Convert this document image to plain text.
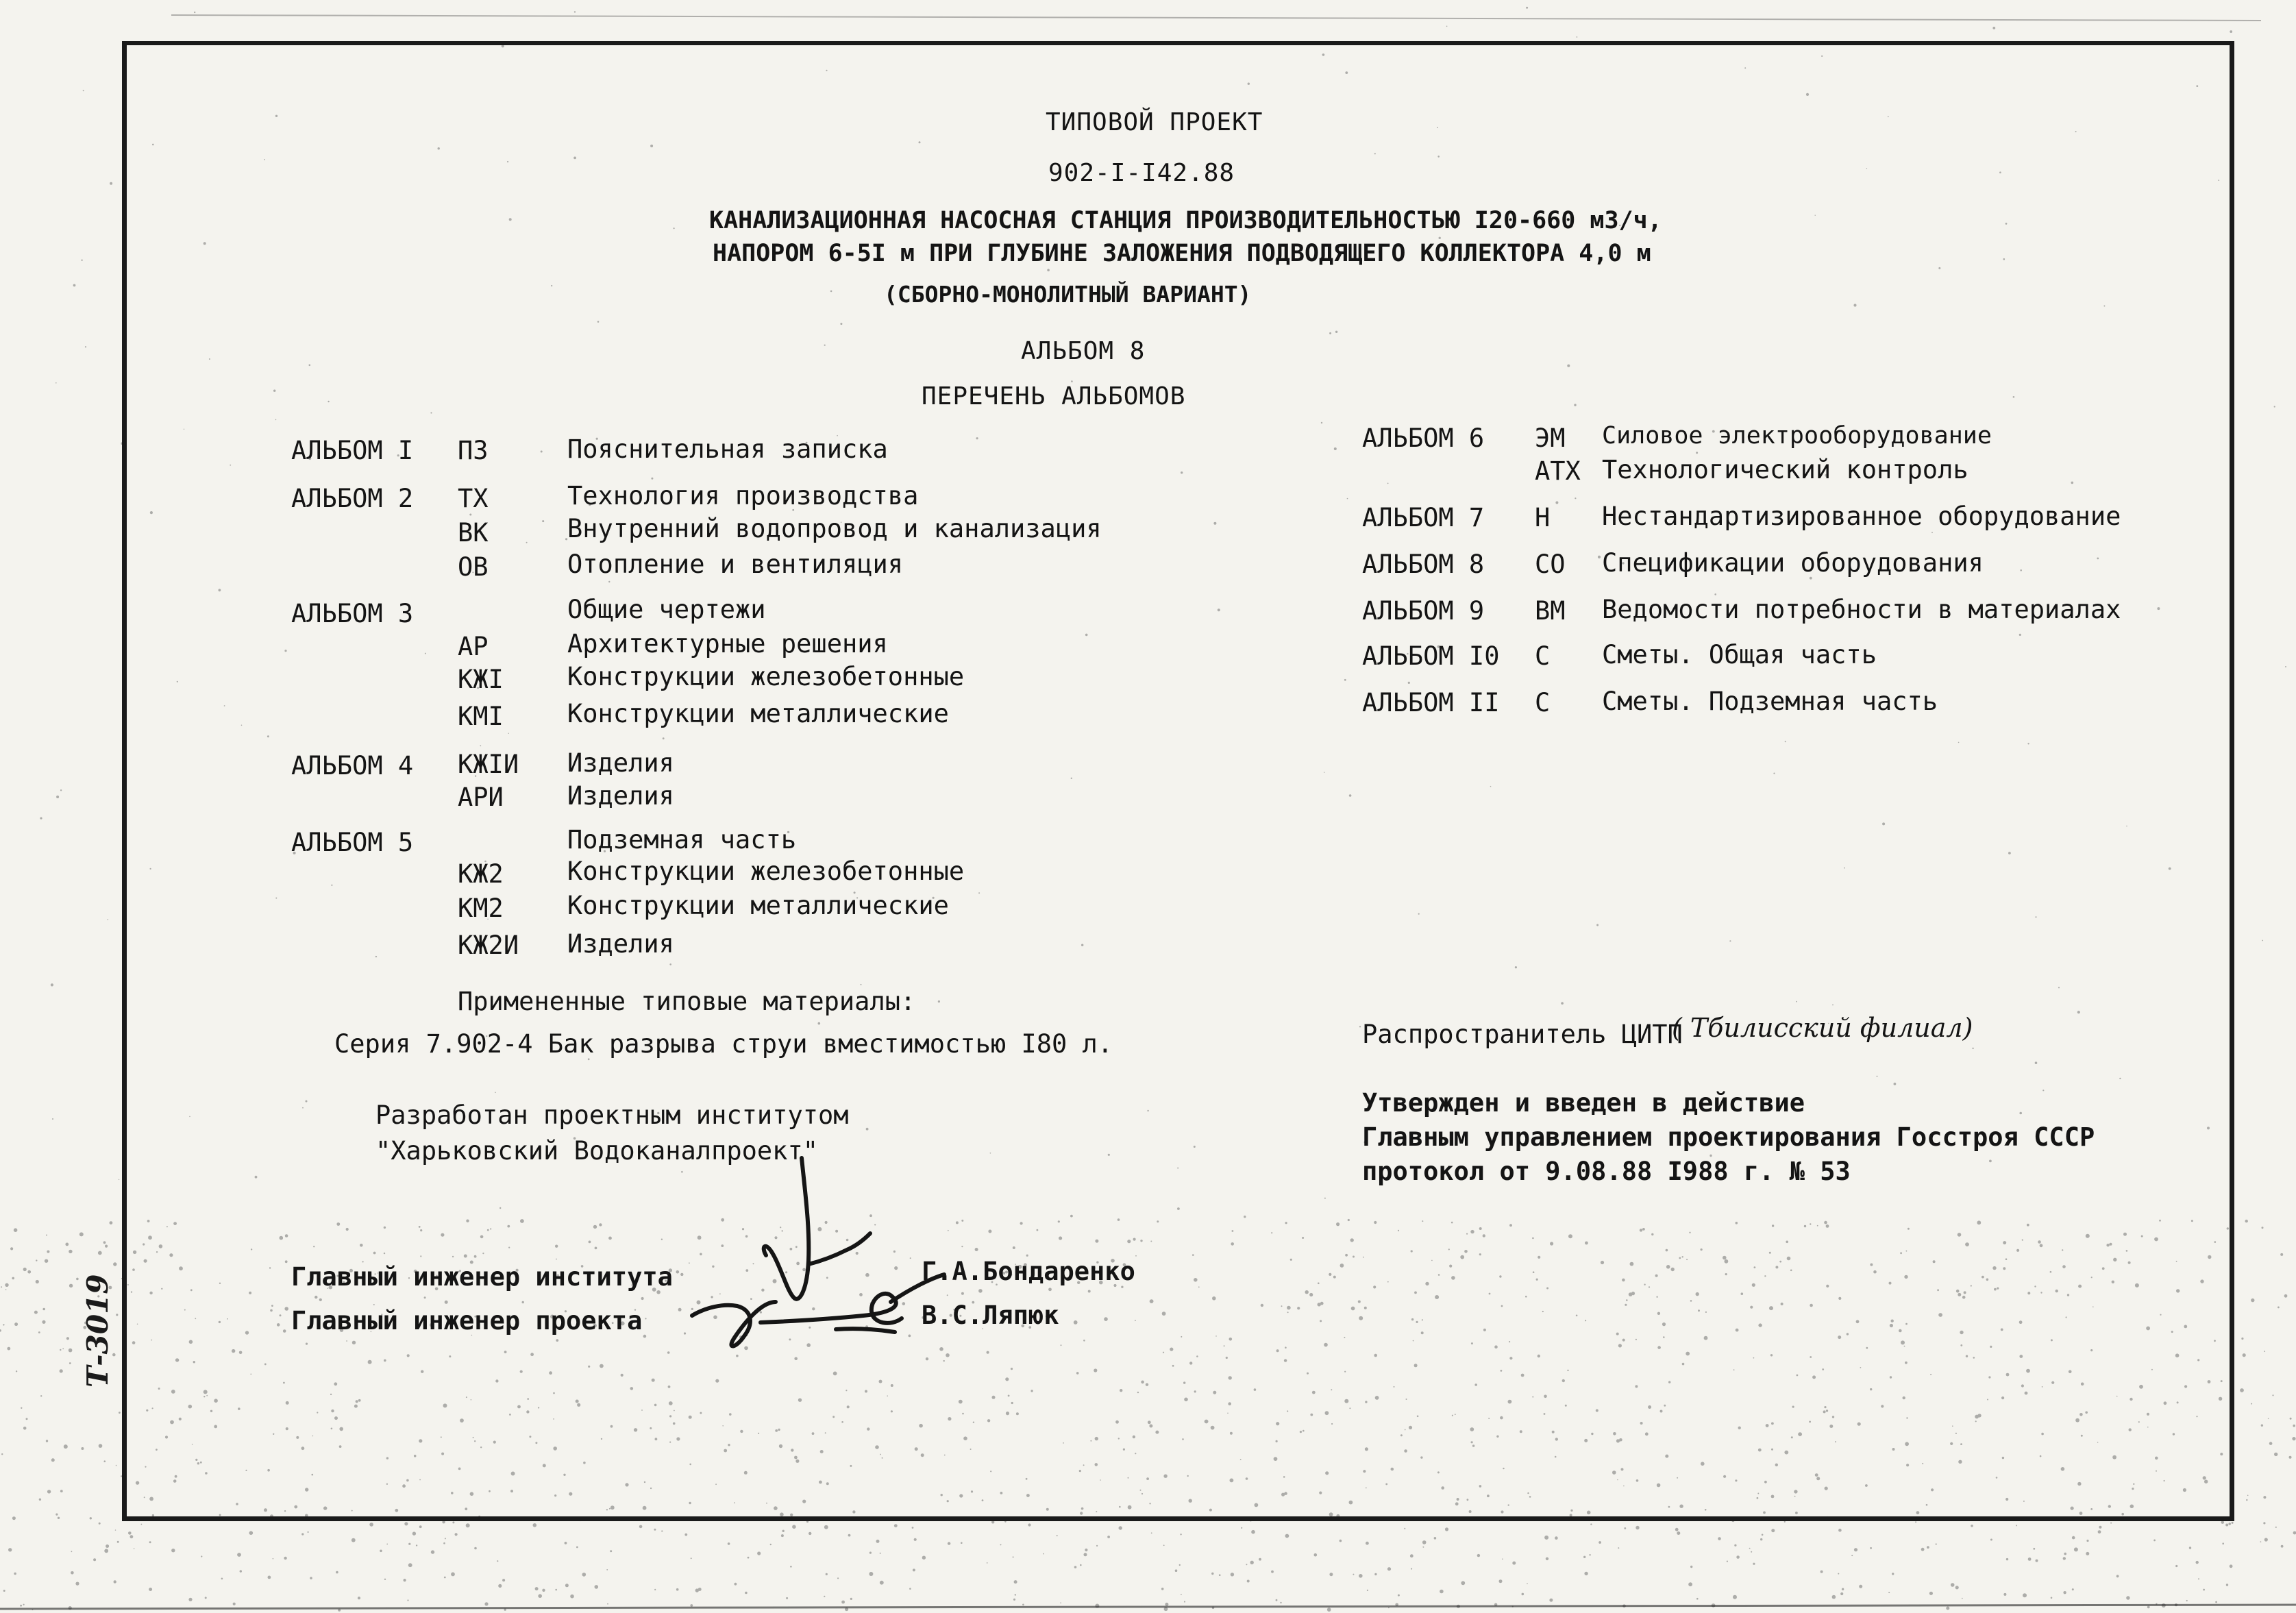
ТИПОВОЙ ПРОЕКТ
902-I-I42.88
КАНАЛИЗАЦИОННАЯ НАСОСНАЯ СТАНЦИЯ ПРОИЗВОДИТЕЛЬНОСТЬЮ I20-660 м3/ч,
НАПОРОМ 6-5I м ПРИ ГЛУБИНЕ ЗАЛОЖЕНИЯ ПОДВОДЯЩЕГО КОЛЛЕКТОРА 4,0 м
(СБОРНО-МОНОЛИТНЫЙ ВАРИАНТ)
АЛЬБОМ 8
ПЕРЕЧЕНЬ АЛЬБОМОВ
АЛЬБОМ I ПЗ	Пояснительная записка
АЛЬБОМ 2 ТХ	Технология производства
ВК	Внутренний водопровод и канализация
ОВ	Отопление и вентиляция
АЛЬБОМ 3	Общие чертежи
АР	Архитектурные решения
КЖI	Конструкции железобетонные
КМI	Конструкции металлические
АЛЬБОМ 4 КЖIИ Изделия
АРИ	Изделия
АЛЬБОМ 5	Подземная часть
КЖ2	Конструкции железобетонные
КМ2	Конструкции металлические
КЖ2И Изделия
АЛЬБОМ 6 ЭМ Силовое электрооборудование
АТХ Технологический контроль
АЛЬБОМ 7 Н Нестандартизированное оборудование
АЛЬБОМ 8 СО Спецификации оборудования
АЛЬБОМ 9 ВМ Ведомости потребности в материалах
АЛЬБОМ I0 С Сметы. Общая часть
АЛЬБОМ II С Сметы. Подземная часть
Примененные типовые материалы:
Серия 7.902-4 Бак разрыва струи вместимостью I80 л.
Разработан проектным институтом
"Харьковский Водоканалпроект"
Распространитель ЦИТП
( Тбилисский филиал)
Утвержден и введен в действие
Главным управлением проектирования Госстроя СССР
протокол от 9.08.88 I988 г. № 53
Главный инженер института
Главный инженер проекта
Г.А.Бондаренко
В.С.Ляпюк
Т-3019
